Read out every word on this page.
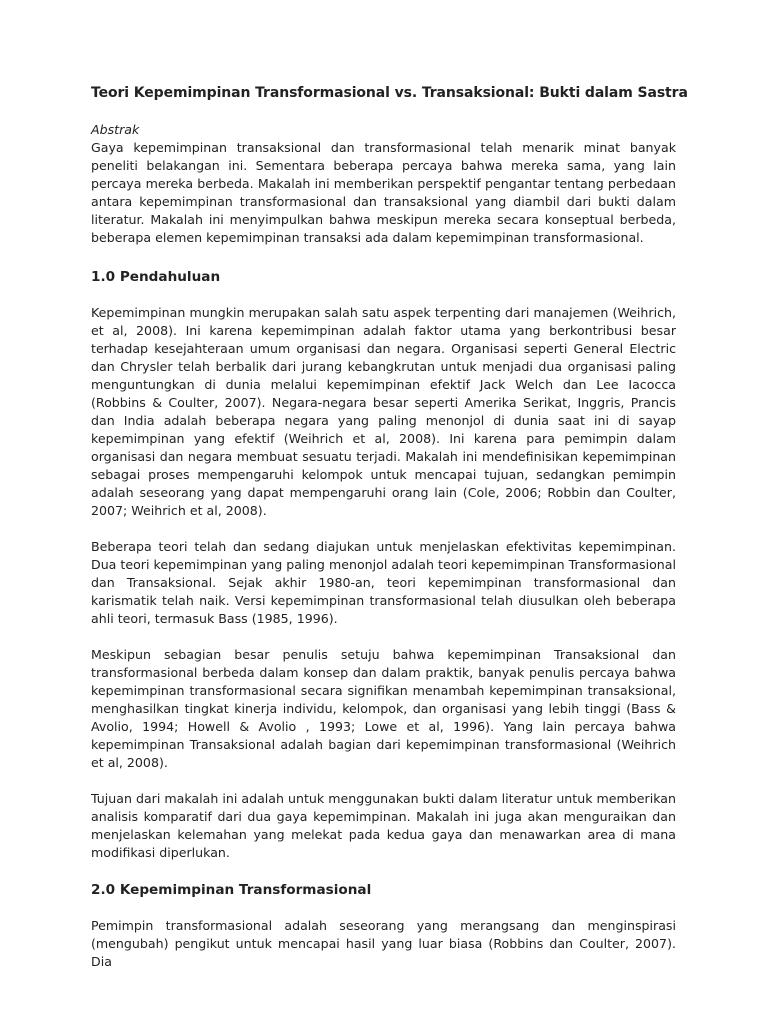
Teori Kepemimpinan Transformasional vs. Transaksional: Bukti dalam Sastra
Abstrak

Gaya kepemimpinan transaksional dan transformasional telah menarik minat banyak peneliti belakangan ini. Sementara beberapa percaya bahwa mereka sama, yang lain percaya mereka berbeda. Makalah ini memberikan perspektif pengantar tentang perbedaan antara kepemimpinan transformasional dan transaksional yang diambil dari bukti dalam literatur. Makalah ini menyimpulkan bahwa meskipun mereka secara konseptual berbeda, beberapa elemen kepemimpinan transaksi ada dalam kepemimpinan transformasional.

1.0 Pendahuluan

Kepemimpinan mungkin merupakan salah satu aspek terpenting dari manajemen (Weihrich, et al, 2008). Ini karena kepemimpinan adalah faktor utama yang berkontribusi besar terhadap kesejahteraan umum organisasi dan negara. Organisasi seperti General Electric dan Chrysler telah berbalik dari jurang kebangkrutan untuk menjadi dua organisasi paling menguntungkan di dunia melalui kepemimpinan efektif Jack Welch dan Lee Iacocca (Robbins & Coulter, 2007). Negara-negara besar seperti Amerika Serikat, Inggris, Prancis dan India adalah beberapa negara yang paling menonjol di dunia saat ini di sayap kepemimpinan yang efektif (Weihrich et al, 2008). Ini karena para pemimpin dalam organisasi dan negara membuat sesuatu terjadi. Makalah ini mendefinisikan kepemimpinan sebagai proses mempengaruhi kelompok untuk mencapai tujuan, sedangkan pemimpin adalah seseorang yang dapat mempengaruhi orang lain (Cole, 2006; Robbin dan Coulter, 2007; Weihrich et al, 2008).

Beberapa teori telah dan sedang diajukan untuk menjelaskan efektivitas kepemimpinan. Dua teori kepemimpinan yang paling menonjol adalah teori kepemimpinan Transformasional dan Transaksional. Sejak akhir 1980-an, teori kepemimpinan transformasional dan karismatik telah naik. Versi kepemimpinan transformasional telah diusulkan oleh beberapa ahli teori, termasuk Bass (1985, 1996).

Meskipun sebagian besar penulis setuju bahwa kepemimpinan Transaksional dan transformasional berbeda dalam konsep dan dalam praktik, banyak penulis percaya bahwa kepemimpinan transformasional secara signifikan menambah kepemimpinan transaksional, menghasilkan tingkat kinerja individu, kelompok, dan organisasi yang lebih tinggi (Bass & Avolio, 1994; Howell & Avolio , 1993; Lowe et al, 1996). Yang lain percaya bahwa kepemimpinan Transaksional adalah bagian dari kepemimpinan transformasional (Weihrich et al, 2008).

Tujuan dari makalah ini adalah untuk menggunakan bukti dalam literatur untuk memberikan analisis komparatif dari dua gaya kepemimpinan. Makalah ini juga akan menguraikan dan menjelaskan kelemahan yang melekat pada kedua gaya dan menawarkan area di mana modifikasi diperlukan.

2.0 Kepemimpinan Transformasional

Pemimpin transformasional adalah seseorang yang merangsang dan menginspirasi (mengubah) pengikut untuk mencapai hasil yang luar biasa (Robbins dan Coulter, 2007). Dia
